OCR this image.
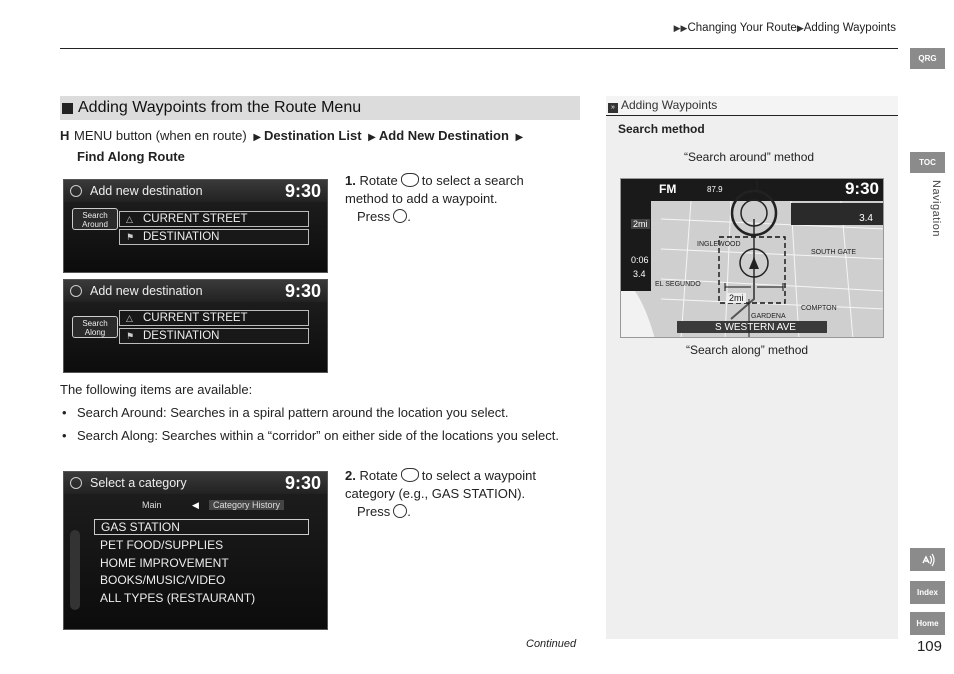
▶▶Changing Your Route▶Adding Waypoints
QRG
TOC
Navigation
Index
Home
109
Adding Waypoints from the Route Menu
H MENU button (when en route) ▶ Destination List ▶ Add New Destination ▶
Find Along Route
Add new destination	9:30
Search Around
△ CURRENT STREET
⚑ DESTINATION
Add new destination	9:30
Search Along
△ CURRENT STREET
⚑ DESTINATION
1. Rotate to select a search method to add a waypoint.
Press .
The following items are available:
• Search Around: Searches in a spiral pattern around the location you select.
• Search Along: Searches within a “corridor” on either side of the locations you select.
Select a category	9:30
Main	◀	Category History
GAS STATION
PET FOOD/SUPPLIES
HOME IMPROVEMENT
BOOKS/MUSIC/VIDEO
ALL TYPES (RESTAURANT)
2. Rotate to select a waypoint category (e.g., GAS STATION).
Press .
Continued
» Adding Waypoints
Search method
“Search around” method
FM	87.9	9:30
2mi
0:06
3.4
3.4
2mi
EL SEGUNDO
SOUTH GATE
COMPTON
GARDENA
INGLEWOOD
S WESTERN AVE
“Search along” method
